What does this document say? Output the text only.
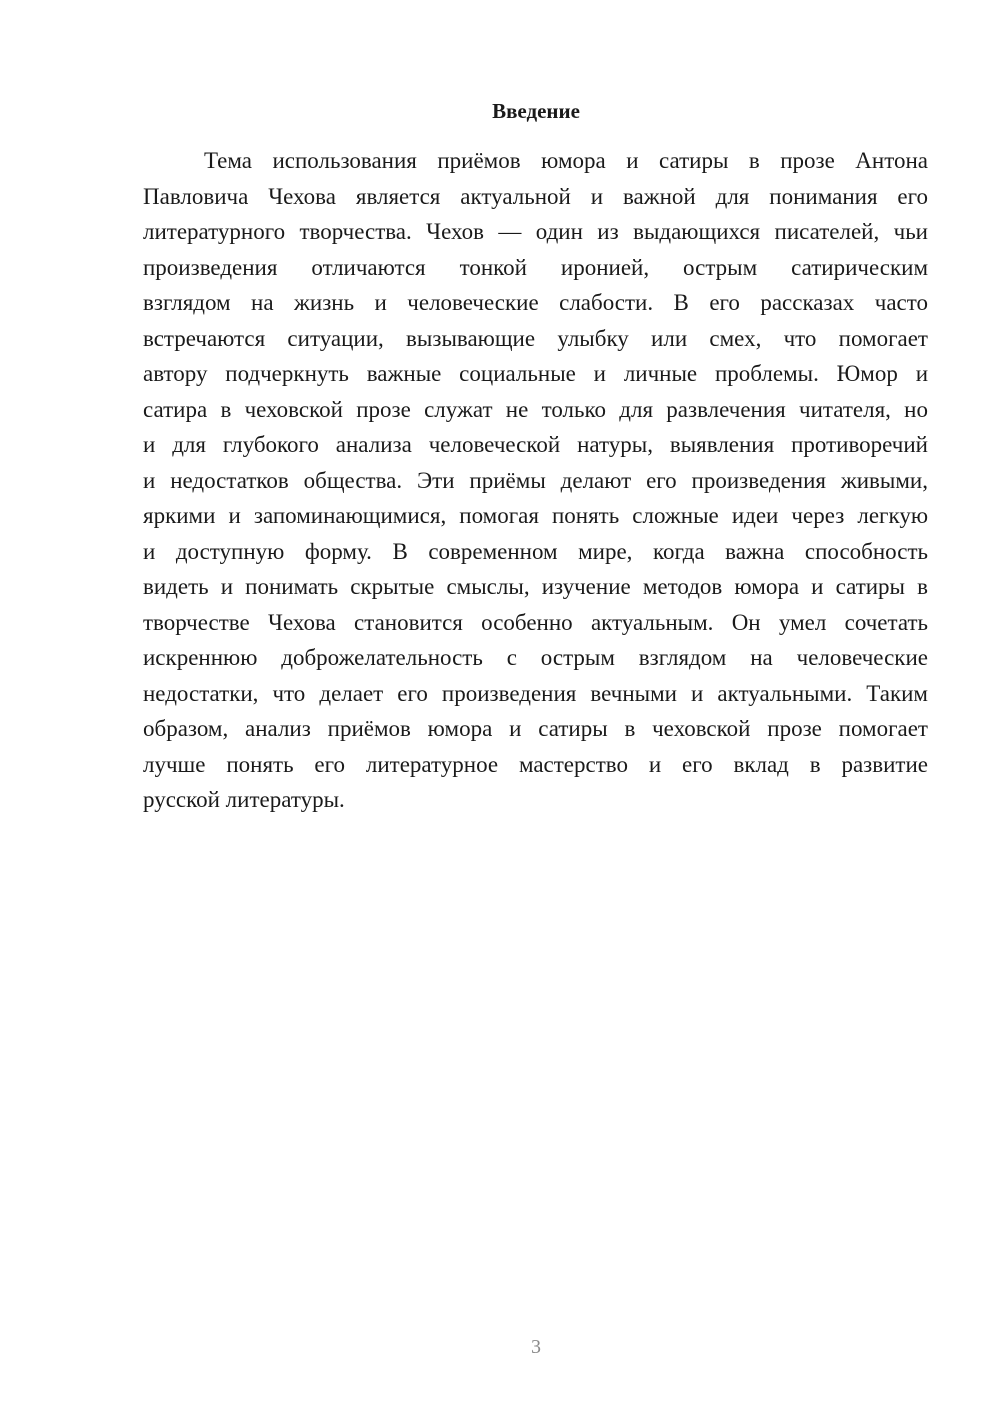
Введение
Тема использования приёмов юмора и сатиры в прозе Антона
Павловича Чехова является актуальной и важной для понимания его
литературного творчества. Чехов — один из выдающихся писателей, чьи
произведения отличаются тонкой иронией, острым сатирическим
взглядом на жизнь и человеческие слабости. В его рассказах часто
встречаются ситуации, вызывающие улыбку или смех, что помогает
автору подчеркнуть важные социальные и личные проблемы. Юмор и
сатира в чеховской прозе служат не только для развлечения читателя, но
и для глубокого анализа человеческой натуры, выявления противоречий
и недостатков общества. Эти приёмы делают его произведения живыми,
яркими и запоминающимися, помогая понять сложные идеи через легкую
и доступную форму. В современном мире, когда важна способность
видеть и понимать скрытые смыслы, изучение методов юмора и сатиры в
творчестве Чехова становится особенно актуальным. Он умел сочетать
искреннюю доброжелательность с острым взглядом на человеческие
недостатки, что делает его произведения вечными и актуальными. Таким
образом, анализ приёмов юмора и сатиры в чеховской прозе помогает
лучше понять его литературное мастерство и его вклад в развитие
русской литературы.
3
